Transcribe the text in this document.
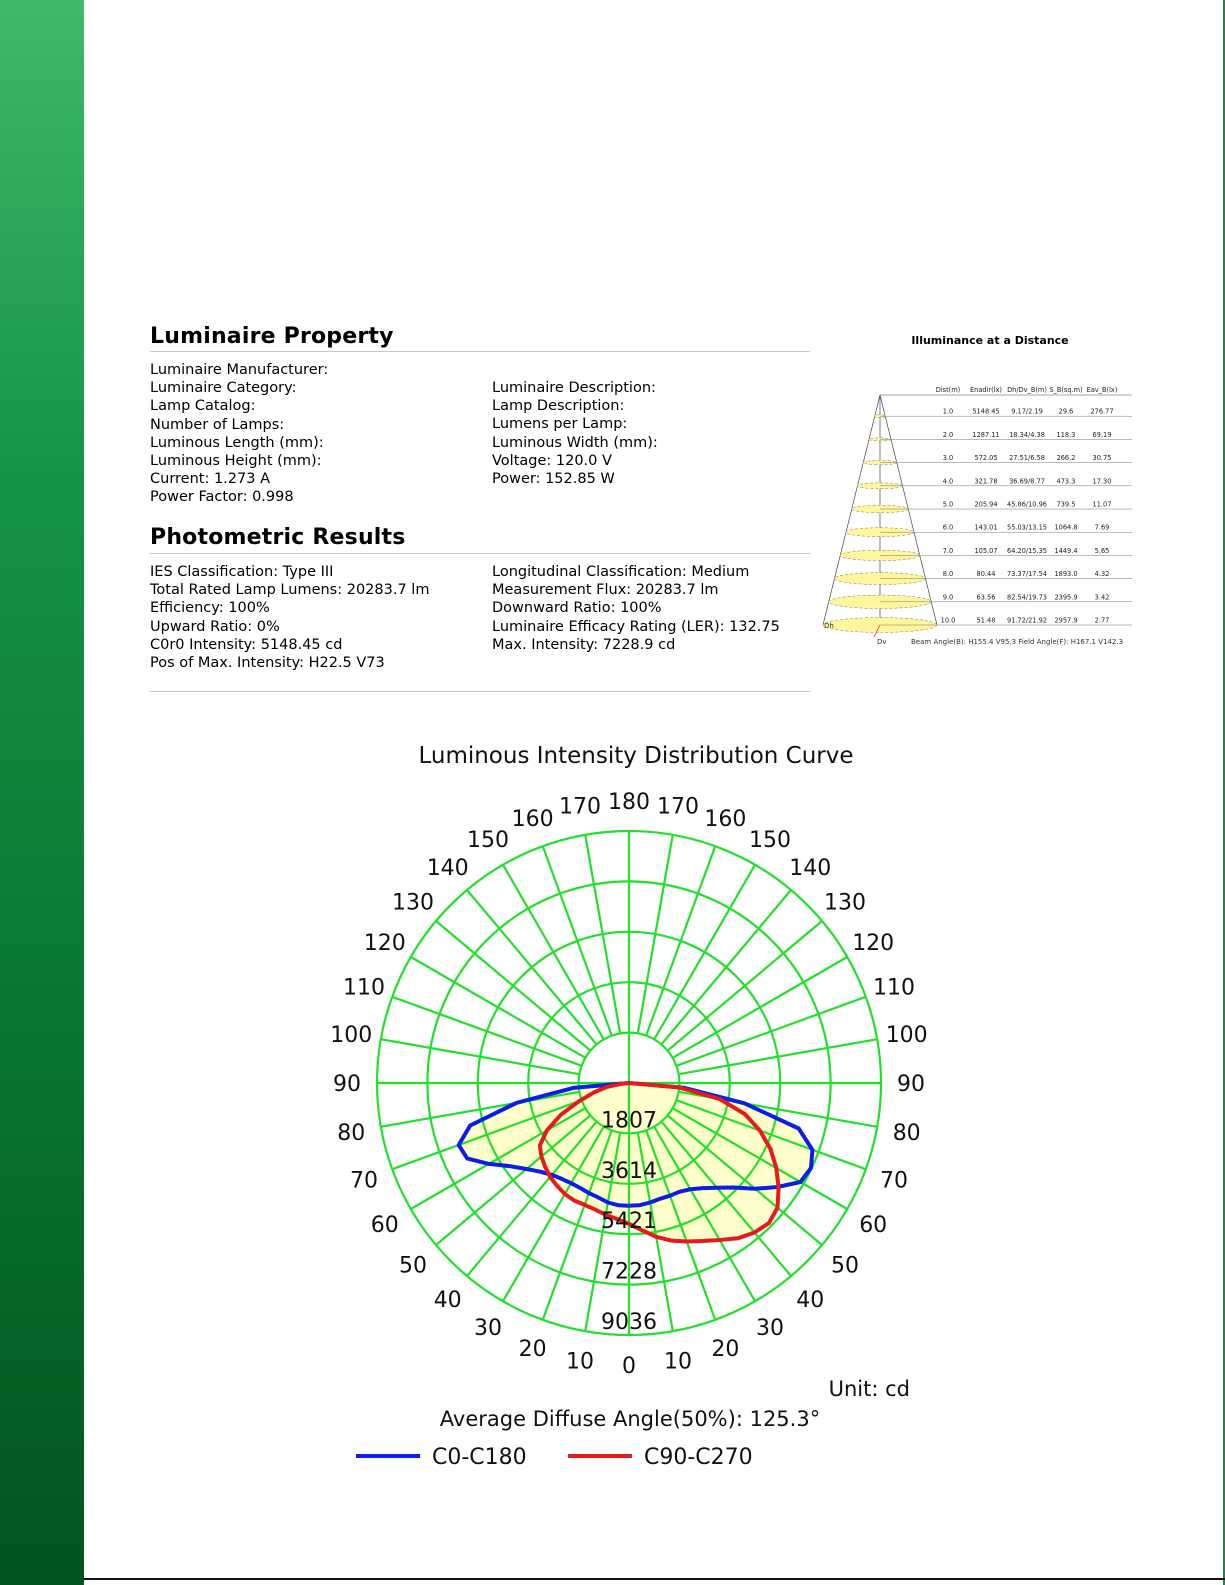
Luminaire Property
Luminaire Manufacturer:
Luminaire Category:
Lamp Catalog:
Number of Lamps:
Luminous Length (mm):
Luminous Height (mm):
Current: 1.273 A
Power Factor: 0.998
Luminaire Description:
Lamp Description:
Lumens per Lamp:
Luminous Width (mm):
Voltage: 120.0 V
Power: 152.85 W
Photometric Results
IES Classification: Type III
Total Rated Lamp Lumens: 20283.7 lm
Efficiency: 100%
Upward Ratio: 0%
C0r0 Intensity: 5148.45 cd
Pos of Max. Intensity: H22.5 V73
Longitudinal Classification: Medium
Measurement Flux: 20283.7 lm
Downward Ratio: 100%
Luminaire Efficacy Rating (LER): 132.75
Max. Intensity: 7228.9 cd
Illuminance at a Distance
Dist(m) Enadir(lx) Dh/Dv_B(m) S_B(sq.m) Eav_B(lx)
1.0	5148.45 9.17/2.19 29.6	276.77
2.0	1287.11 18.34/4.38 118.3	69.19
3.0	572.05 27.51/6.58 266.2	30.75
4.0	321.78 36.69/8.77 473.3	17.30
5.0	205.94 45.86/10.96 739.5	11.07
6.0	143.01 55.03/13.15 1064.8	7.69
7.0	105.07 64.20/15.35 1449.4	5.65
8.0	80.44 73.37/17.54 1893.0	4.32
9.0	63.56 82.54/19.73 2395.9	3.42
10.0	51.48 91.72/21.92 2957.9	2.77
Dh
Dv	Beam Angle(B): H155.4 V95.3 Field Angle(F): H167.1 V142.3
Luminous Intensity Distribution Curve
0
180
10
20
30
40
50
60
70
80
90
100
110
120
130
140
150
160
170
10
20
30
40
50
60
70
80
90
100
110
120
130
140
150
160
170
1807
3614
5421
7228
9036
Unit: cd
Average Diffuse Angle(50%): 125.3°
C0-C180	C90-C270
